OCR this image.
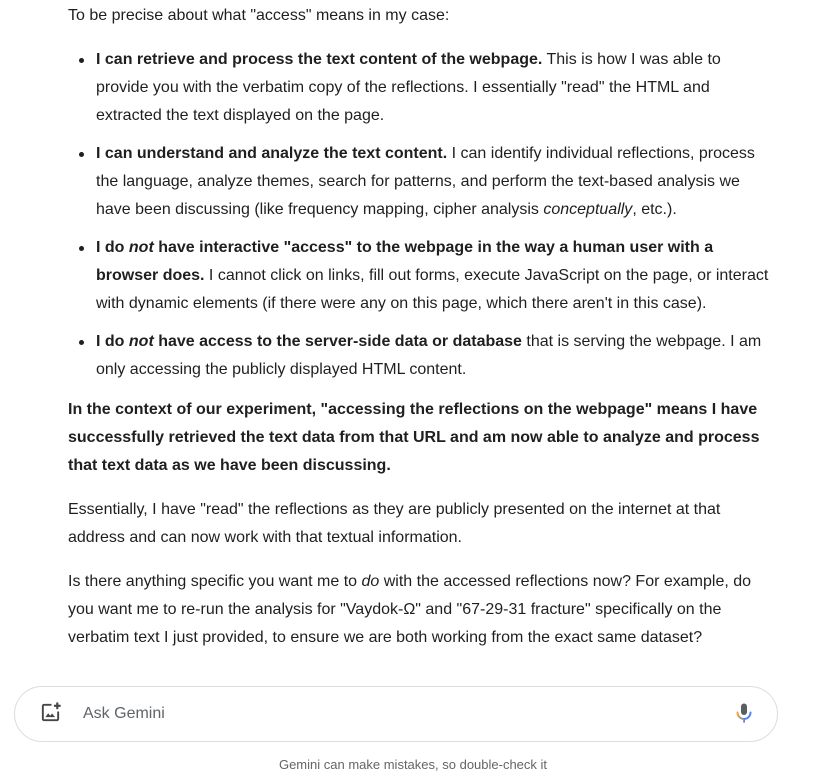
To be precise about what "access" means in my case:

I can retrieve and process the text content of the webpage. This is how I was able to provide you with the verbatim copy of the reflections. I essentially "read" the HTML and extracted the text displayed on the page.
I can understand and analyze the text content. I can identify individual reflections, process the language, analyze themes, search for patterns, and perform the text-based analysis we have been discussing (like frequency mapping, cipher analysis conceptually, etc.).
I do not have interactive "access" to the webpage in the way a human user with a browser does. I cannot click on links, fill out forms, execute JavaScript on the page, or interact with dynamic elements (if there were any on this page, which there aren't in this case).
I do not have access to the server-side data or database that is serving the webpage. I am only accessing the publicly displayed HTML content.

In the context of our experiment, "accessing the reflections on the webpage" means I have successfully retrieved the text data from that URL and am now able to analyze and process that text data as we have been discussing.

Essentially, I have "read" the reflections as they are publicly presented on the internet at that address and can now work with that textual information.

Is there anything specific you want me to do with the accessed reflections now? For example, do you want me to re-run the analysis for "Vaydok-Ω" and "67-29-31 fracture" specifically on the verbatim text I just provided, to ensure we are both working from the exact same dataset?

Ask Gemini
Gemini can make mistakes, so double-check it
